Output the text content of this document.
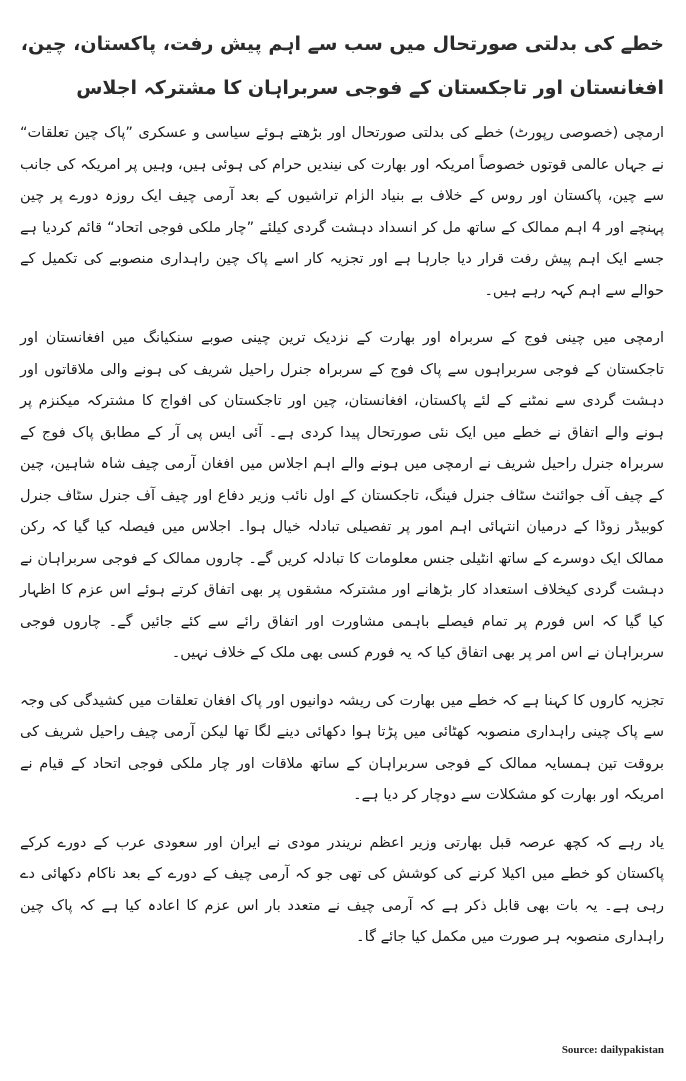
خطے کی بدلتی صورتحال میں سب سے اہم پیش رفت، پاکستان، چین، افغانستان اور تاجکستان کے فوجی سربراہان کا مشترکہ اجلاس

ارمچی (خصوصی رپورٹ) خطے کی بدلتی صورتحال اور بڑھتے ہوئے سیاسی و عسکری ”پاک چین تعلقات“ نے جہاں عالمی قوتوں خصوصاً امریکہ اور بھارت کی نیندیں حرام کی ہوئی ہیں، وہیں پر امریکہ کی جانب سے چین، پاکستان اور روس کے خلاف بے بنیاد الزام تراشیوں کے بعد آرمی چیف ایک روزہ دورے پر چین پہنچے اور 4 اہم ممالک کے ساتھ مل کر انسداد دہشت گردی کیلئے ”چار ملکی فوجی اتحاد“ قائم کردیا ہے جسے ایک اہم پیش رفت قرار دیا جارہا ہے اور تجزیہ کار اسے پاک چین راہداری منصوبے کی تکمیل کے حوالے سے اہم کہہ رہے ہیں۔

ارمچی میں چینی فوج کے سربراہ اور بھارت کے نزدیک ترین چینی صوبے سنکیانگ میں افغانستان اور تاجکستان کے فوجی سربراہوں سے پاک فوج کے سربراہ جنرل راحیل شریف کی ہونے والی ملاقاتوں اور دہشت گردی سے نمٹنے کے لئے پاکستان، افغانستان، چین اور تاجکستان کی افواج کا مشترکہ میکنزم پر ہونے والے اتفاق نے خطے میں ایک نئی صورتحال پیدا کردی ہے۔ آئی ایس پی آر کے مطابق پاک فوج کے سربراہ جنرل راحیل شریف نے ارمچی میں ہونے والے اہم اجلاس میں افغان آرمی چیف شاہ شاہین، چین کے چیف آف جوائنٹ سٹاف جنرل فینگ، تاجکستان کے اول نائب وزیر دفاع اور چیف آف جنرل سٹاف جنرل کوبیڈر زوڈا کے درمیان انتہائی اہم امور پر تفصیلی تبادلہ خیال ہوا۔ اجلاس میں فیصلہ کیا گیا کہ رکن ممالک ایک دوسرے کے ساتھ انٹیلی جنس معلومات کا تبادلہ کریں گے۔ چاروں ممالک کے فوجی سربراہان نے دہشت گردی کیخلاف استعداد کار بڑھانے اور مشترکہ مشقوں پر بھی اتفاق کرتے ہوئے اس عزم کا اظہار کیا گیا کہ اس فورم پر تمام فیصلے باہمی مشاورت اور اتفاق رائے سے کئے جائیں گے۔ چاروں فوجی سربراہان نے اس امر پر بھی اتفاق کیا کہ یہ فورم کسی بھی ملک کے خلاف نہیں۔

تجزیہ کاروں کا کہنا ہے کہ خطے میں بھارت کی ریشہ دوانیوں اور پاک افغان تعلقات میں کشیدگی کی وجہ سے پاک چینی راہداری منصوبہ کھٹائی میں پڑتا ہوا دکھائی دینے لگا تھا لیکن آرمی چیف راحیل شریف کی بروقت تین ہمسایہ ممالک کے فوجی سربراہان کے ساتھ ملاقات اور چار ملکی فوجی اتحاد کے قیام نے امریکہ اور بھارت کو مشکلات سے دوچار کر دیا ہے۔

یاد رہے کہ کچھ عرصہ قبل بھارتی وزیر اعظم نریندر مودی نے ایران اور سعودی عرب کے دورے کرکے پاکستان کو خطے میں اکیلا کرنے کی کوشش کی تھی جو کہ آرمی چیف کے دورے کے بعد ناکام دکھائی دے رہی ہے۔ یہ بات بھی قابل ذکر ہے کہ آرمی چیف نے متعدد بار اس عزم کا اعادہ کیا ہے کہ پاک چین راہداری منصوبہ ہر صورت میں مکمل کیا جائے گا۔

Source: dailypakistan
